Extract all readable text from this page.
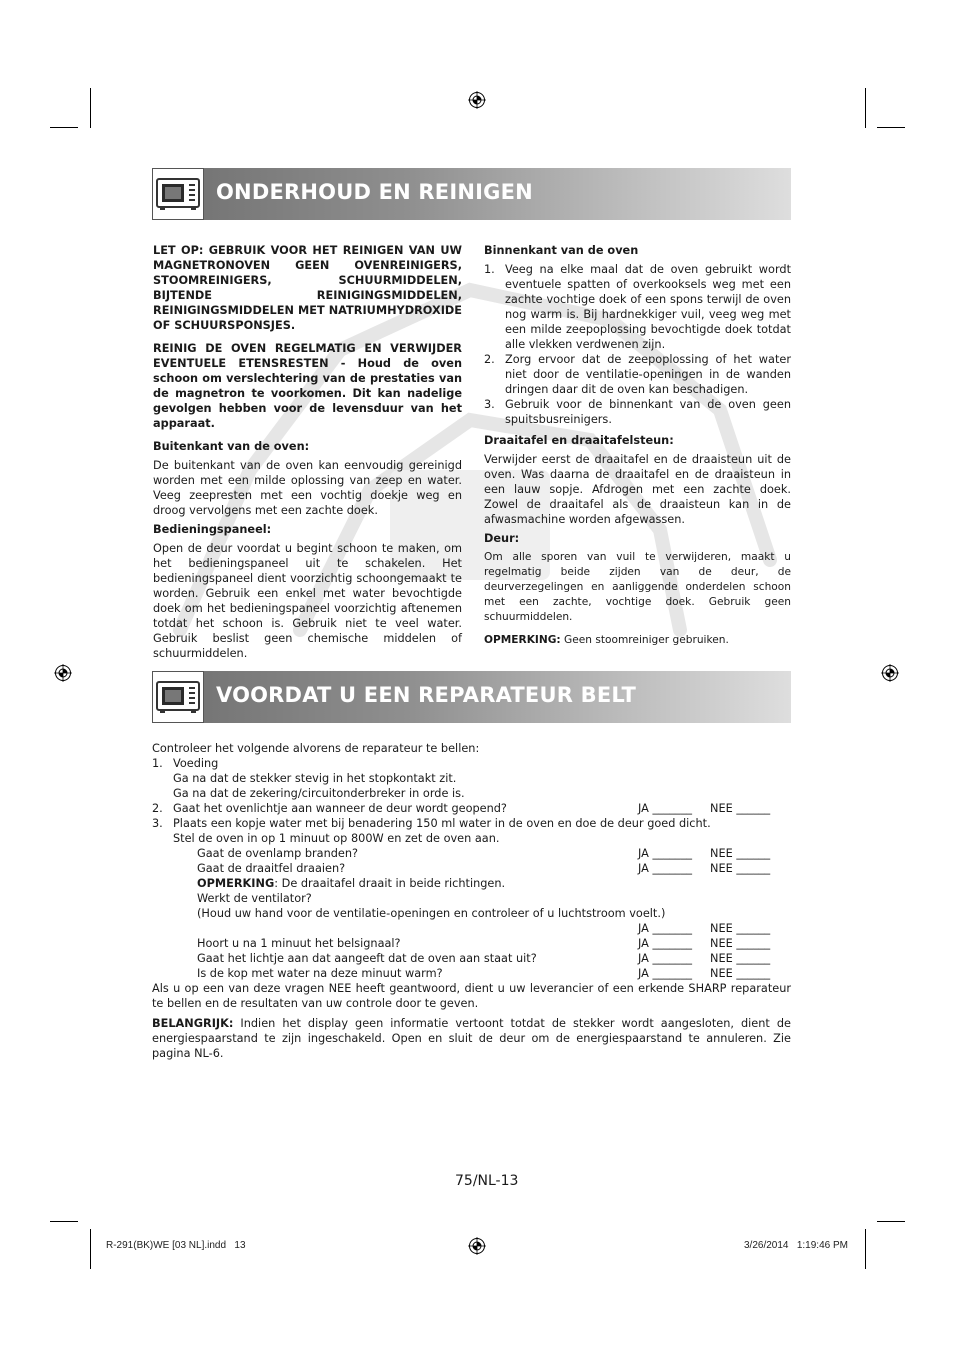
ONDERHOUD EN REINIGEN

LET OP: GEBRUIK VOOR HET REINIGEN VAN UW MAGNETRONOVEN GEEN OVENREINIGERS, STOOMREINIGERS, SCHUURMIDDELEN, BIJTENDE REINIGINGSMIDDELEN, REINIGINGSMIDDELEN MET NATRIUMHYDROXIDE OF SCHUURSPONSJES.

REINIG DE OVEN REGELMATIG EN VERWIJDER EVENTUELE ETENSRESTEN - Houd de oven schoon om verslechtering van de prestaties van de magnetron te voorkomen. Dit kan nadelige gevolgen hebben voor de levensduur van het apparaat.

Buitenkant van de oven:

De buitenkant van de oven kan eenvoudig gereinigd worden met een milde oplossing van zeep en water. Veeg zeepresten met een vochtig doekje weg en droog vervolgens met een zachte doek.

Bedieningspaneel:

Open de deur voordat u begint schoon te maken, om het bedieningspaneel uit te schakelen. Het bedieningspaneel dient voorzichtig schoongemaakt te worden. Gebruik een enkel met water bevochtigde doek om het bedieningspaneel voorzichtig aftenemen totdat het schoon is. Gebruik niet te veel water. Gebruik beslist geen chemische middelen of schuurmiddelen.

Binnenkant van de oven
1. Veeg na elke maal dat de oven gebruikt wordt eventuele spatten of overkooksels weg met een zachte vochtige doek of een spons terwijl de oven nog warm is. Bij hardnekkiger vuil, veeg weg met een milde zeepoplossing bevochtigde doek totdat alle vlekken verdwenen zijn.
2. Zorg ervoor dat de zeepoplossing of het water niet door de ventilatie-openingen in de wanden dringen daar dit de oven kan beschadigen.
3. Gebruik voor de binnenkant van de oven geen spuitsbusreinigers.
Draaitafel en draaitafelsteun:

Verwijder eerst de draaitafel en de draaisteun uit de oven. Was daarna de draaitafel en de draaisteun in een lauw sopje. Afdrogen met een zachte doek. Zowel de draaitafel als de draaisteun kan in de afwasmachine worden afgewassen.

Deur:

Om alle sporen van vuil te verwijderen, maakt u regelmatig beide zijden van de deur, de deurverzegelingen en aanliggende onderdelen schoon met een zachte, vochtige doek. Gebruik geen schuurmiddelen.

OPMERKING: Geen stoomreiniger gebruiken.

VOORDAT U EEN REPARATEUR BELT
Controleer het volgende alvorens de reparateur te bellen:
1. Voeding
Ga na dat de stekker stevig in het stopkontakt zit.
Ga na dat de zekering/circuitonderbreker in orde is.
2. Gaat het ovenlichtje aan wanneer de deur wordt geopend?	JA _______ NEE ______
3. Plaats een kopje water met bij benadering 150 ml water in de oven en doe de deur goed dicht.
Stel de oven in op 1 minuut op 800W en zet de oven aan.
Gaat de ovenlamp branden?	JA _______ NEE ______
Gaat de draaitfel draaien?	JA _______ NEE ______
OPMERKING: De draaitafel draait in beide richtingen.
Werkt de ventilator?
(Houd uw hand voor de ventilatie-openingen en controleer of u luchtstroom voelt.)
JA _______ NEE ______
Hoort u na 1 minuut het belsignaal?	JA _______ NEE ______
Gaat het lichtje aan dat aangeeft dat de oven aan staat uit?	JA _______ NEE ______
Is de kop met water na deze minuut warm?	JA _______ NEE ______
Als u op een van deze vragen NEE heeft geantwoord, dient u uw leverancier of een erkende SHARP reparateur te bellen en de resultaten van uw controle door te geven.
BELANGRIJK: Indien het display geen informatie vertoont totdat de stekker wordt aangesloten, dient de energiespaarstand te zijn ingeschakeld. Open en sluit de deur om de energiespaarstand te annuleren. Zie pagina NL-6.
75/NL-13
R-291(BK)WE [03 NL].indd   13	3/26/2014   1:19:46 PM
